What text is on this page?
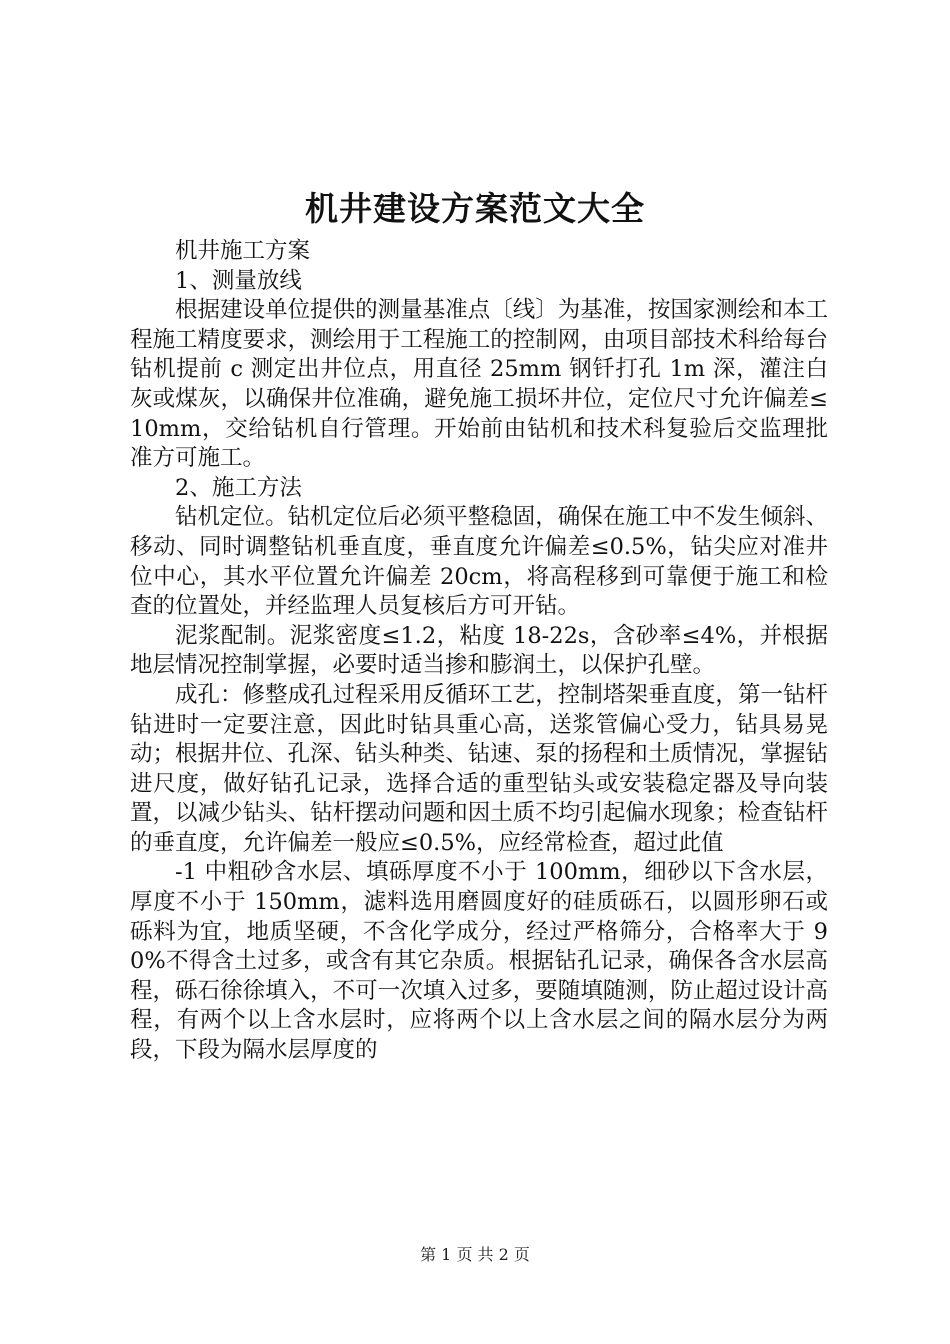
机井建设方案范文大全

机井施工方案

1、测量放线

根据建设单位提供的测量基准点〔线〕为基准，按国家测绘和本工程施工精度要求，测绘用于工程施工的控制网，由项目部技术科给每台钻机提前 c 测定出井位点，用直径 25mm 钢钎打孔 1m 深，灌注白灰或煤灰，以确保井位准确，避免施工损坏井位，定位尺寸允许偏差≤10mm，交给钻机自行管理。开始前由钻机和技术科复验后交监理批准方可施工。

2、施工方法

钻机定位。钻机定位后必须平整稳固，确保在施工中不发生倾斜、移动、同时调整钻机垂直度，垂直度允许偏差≤0.5%，钻尖应对准井位中心，其水平位置允许偏差 20cm，将高程移到可靠便于施工和检查的位置处，并经监理人员复核后方可开钻。

泥浆配制。泥浆密度≤1.2，粘度 18-22s，含砂率≤4%，并根据地层情况控制掌握，必要时适当掺和膨润土，以保护孔壁。

成孔：修整成孔过程采用反循环工艺，控制塔架垂直度，第一钻杆钻进时一定要注意，因此时钻具重心高，送浆管偏心受力，钻具易晃动；根据井位、孔深、钻头种类、钻速、泵的扬程和土质情况，掌握钻进尺度，做好钻孔记录，选择合适的重型钻头或安装稳定器及导向装置，以减少钻头、钻杆摆动问题和因土质不均引起偏水现象；检查钻杆的垂直度，允许偏差一般应≤0.5%，应经常检查，超过此值

-1 中粗砂含水层、填砾厚度不小于 100mm，细砂以下含水层，厚度不小于 150mm，滤料选用磨圆度好的硅质砾石，以圆形卵石或砾料为宜，地质坚硬，不含化学成分，经过严格筛分，合格率大于 90%不得含土过多，或含有其它杂质。根据钻孔记录，确保各含水层高程，砾石徐徐填入，不可一次填入过多，要随填随测，防止超过设计高程，有两个以上含水层时，应将两个以上含水层之间的隔水层分为两段，下段为隔水层厚度的

第 1 页 共 2 页
